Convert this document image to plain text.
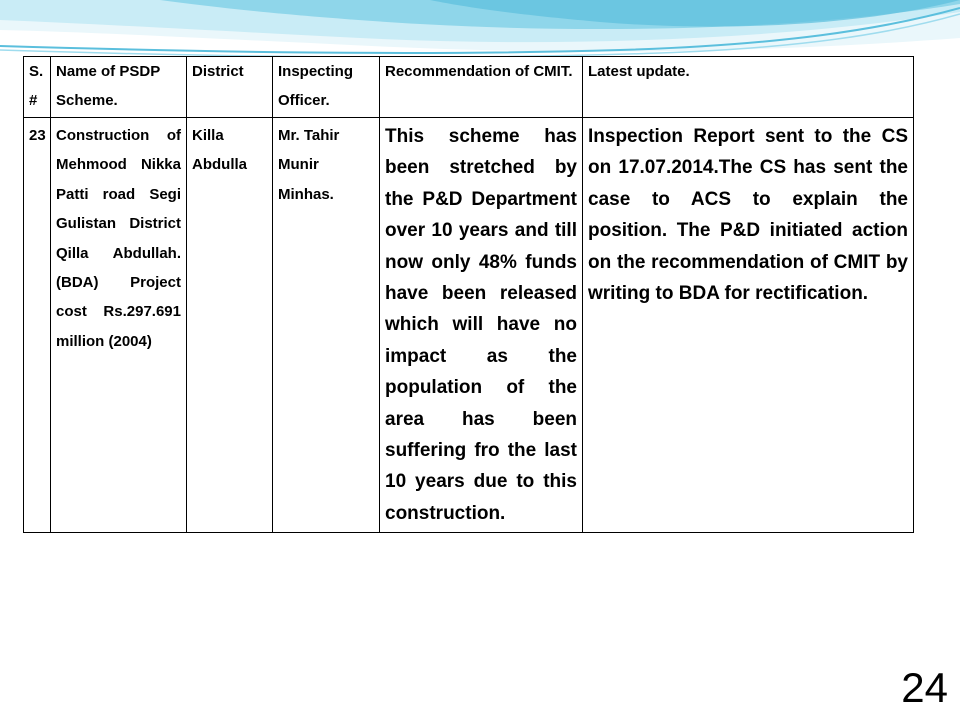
S. #	Name of PSDP Scheme.	District	Inspecting Officer.	Recommendation of CMIT.	Latest update.
23	Construction of Mehmood Nikka Patti road Segi Gulistan District Qilla Abdullah. (BDA) Project cost Rs.297.691 million (2004)	Killa Abdulla	Mr. Tahir Munir Minhas.	This scheme has been stretched by the P&D Department over 10 years and till now only 48% funds have been released which will have no impact as the population of the area has been suffering fro the last 10 years due to this construction.	Inspection Report sent to the CS on 17.07.2014.The CS has sent the case to ACS to explain the position. The P&D initiated action on the recommendation of CMIT by writing to BDA for rectification.
24
